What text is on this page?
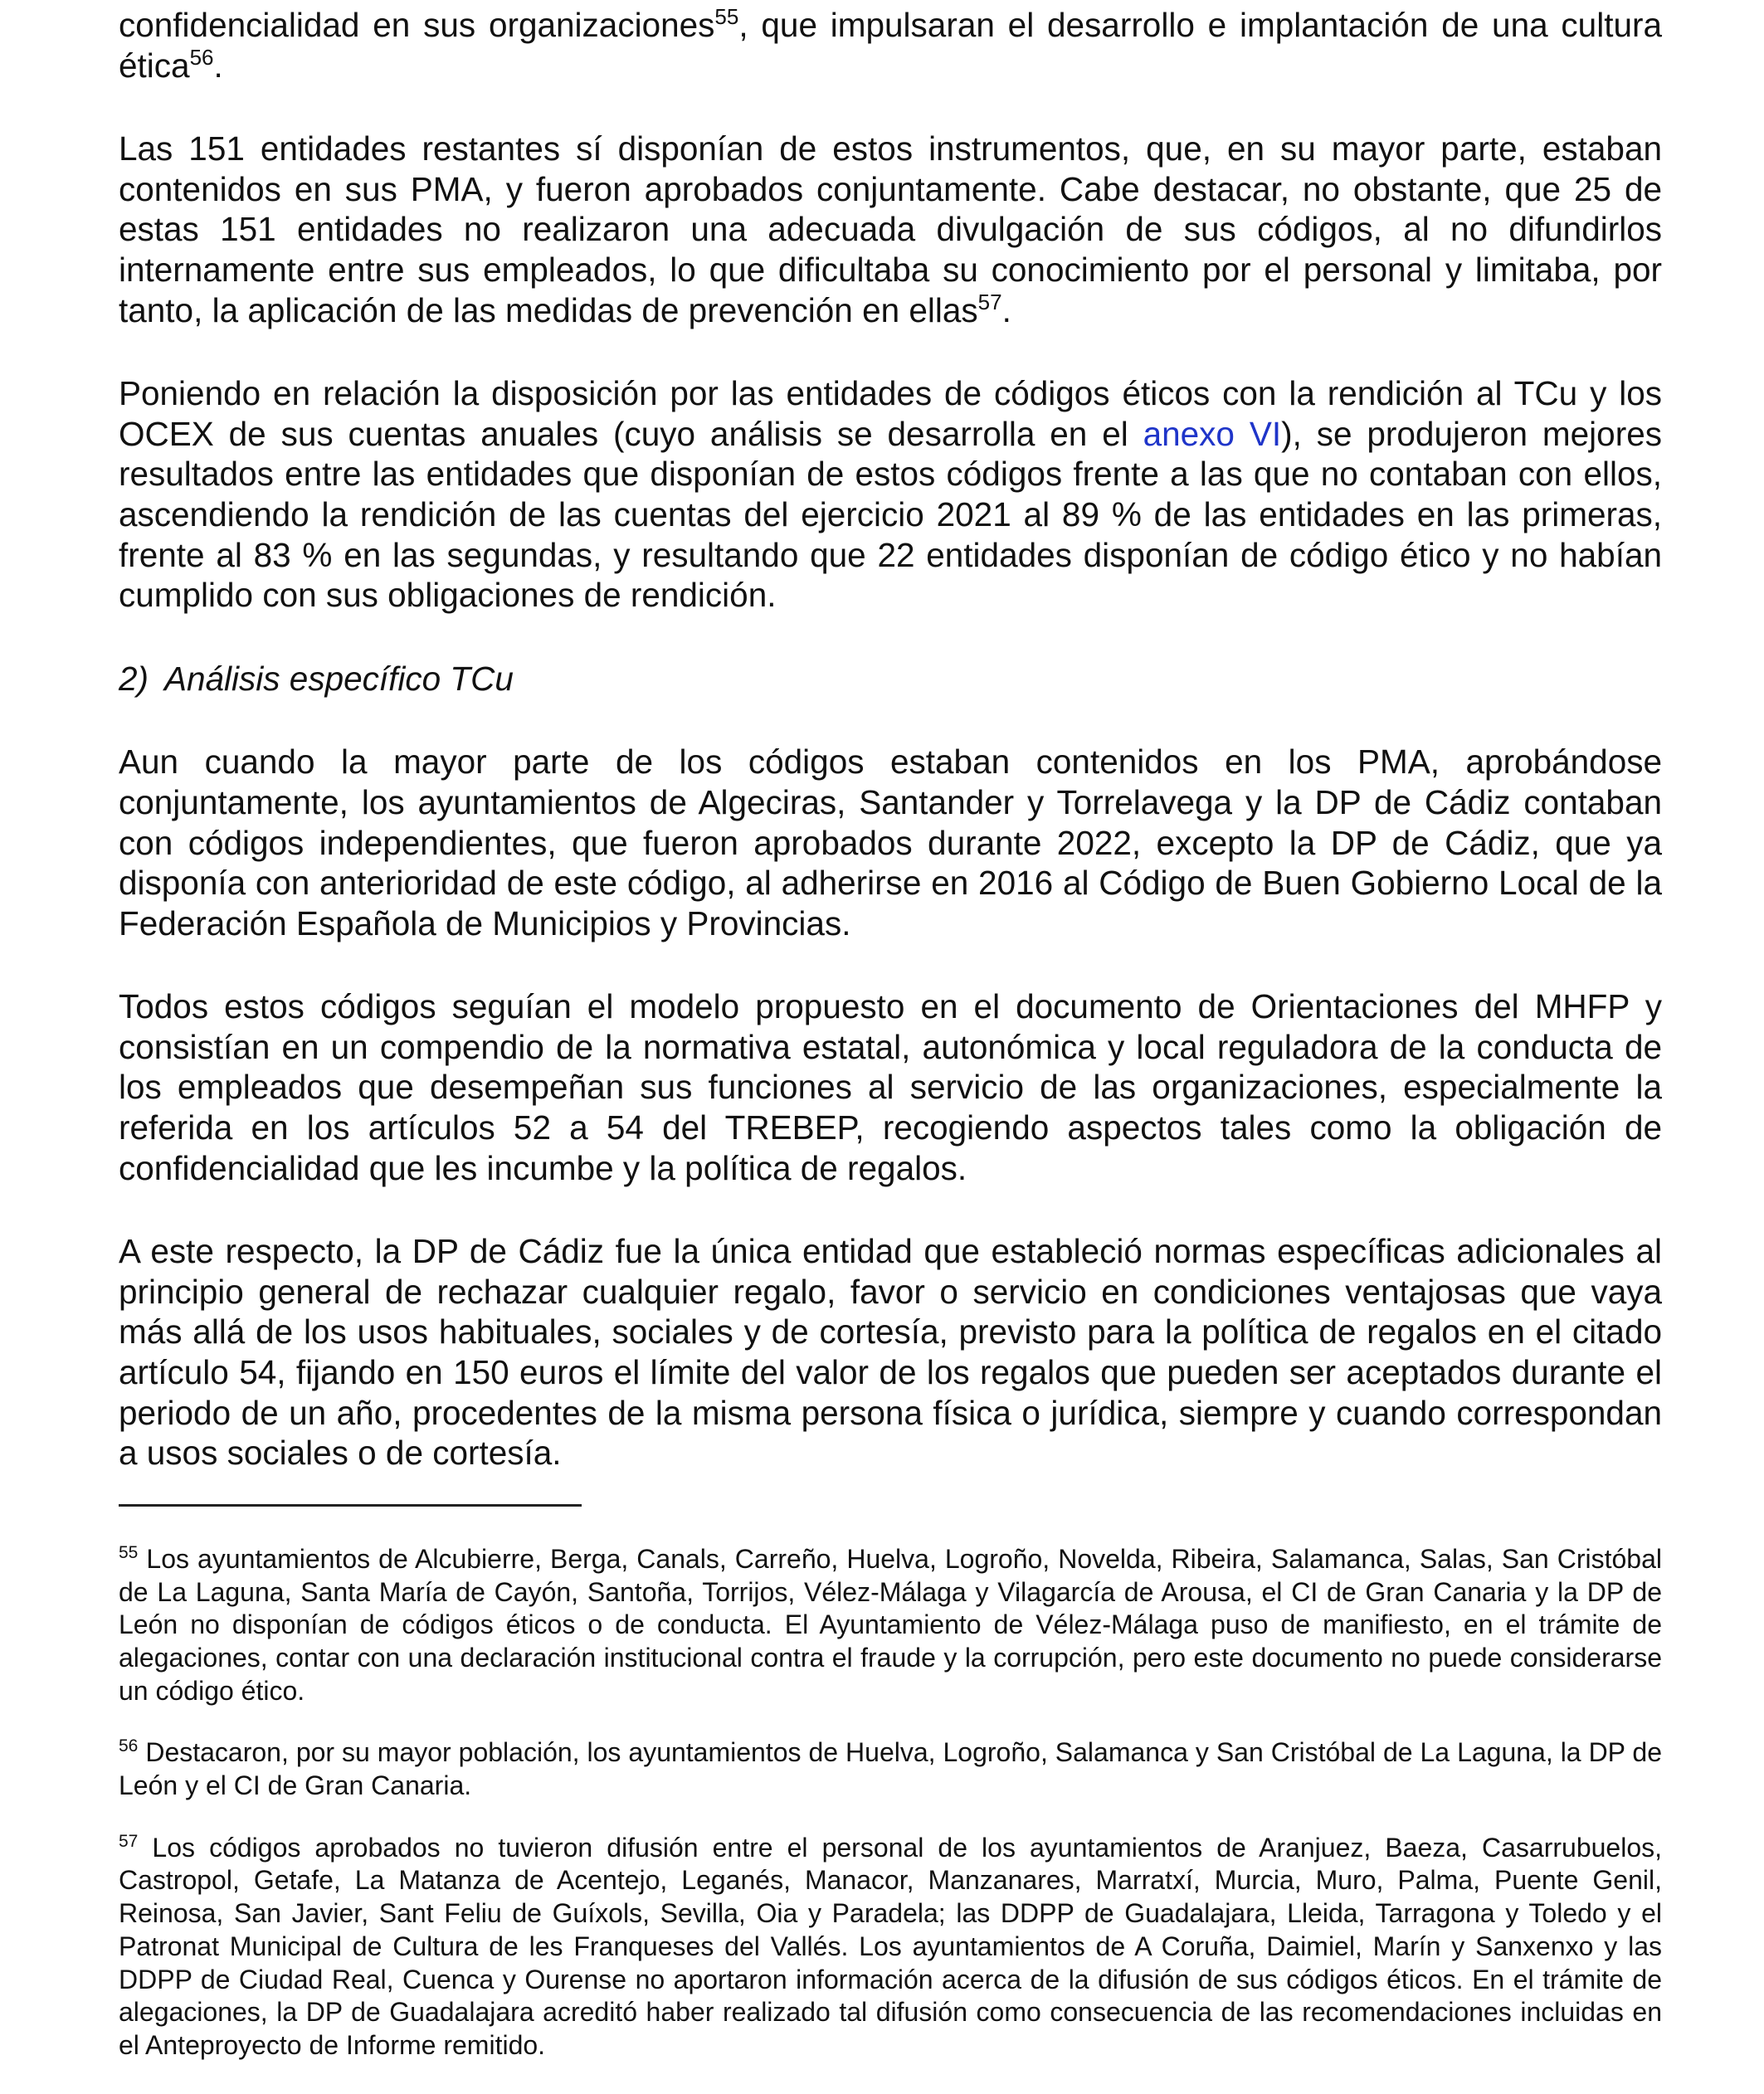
confidencialidad en sus organizaciones$^{55}$, que impulsaran el desarrollo e implantación de una cultura ética$^{56}$.

Las 151 entidades restantes sí disponían de estos instrumentos, que, en su mayor parte, estaban contenidos en sus PMA, y fueron aprobados conjuntamente. Cabe destacar, no obstante, que 25 de estas 151 entidades no realizaron una adecuada divulgación de sus códigos, al no difundirlos internamente entre sus empleados, lo que dificultaba su conocimiento por el personal y limitaba, por tanto, la aplicación de las medidas de prevención en ellas$^{57}$.

Poniendo en relación la disposición por las entidades de códigos éticos con la rendición al TCu y los OCEX de sus cuentas anuales (cuyo análisis se desarrolla en el anexo VI), se produjeron mejores resultados entre las entidades que disponían de estos códigos frente a las que no contaban con ellos, ascendiendo la rendición de las cuentas del ejercicio 2021 al 89 % de las entidades en las primeras, frente al 83 % en las segundas, y resultando que 22 entidades disponían de código ético y no habían cumplido con sus obligaciones de rendición.

2) Análisis específico TCu

Aun cuando la mayor parte de los códigos estaban contenidos en los PMA, aprobándose conjuntamente, los ayuntamientos de Algeciras, Santander y Torrelavega y la DP de Cádiz contaban con códigos independientes, que fueron aprobados durante 2022, excepto la DP de Cádiz, que ya disponía con anterioridad de este código, al adherirse en 2016 al Código de Buen Gobierno Local de la Federación Española de Municipios y Provincias.

Todos estos códigos seguían el modelo propuesto en el documento de Orientaciones del MHFP y consistían en un compendio de la normativa estatal, autonómica y local reguladora de la conducta de los empleados que desempeñan sus funciones al servicio de las organizaciones, especialmente la referida en los artículos 52 a 54 del TREBEP, recogiendo aspectos tales como la obligación de confidencialidad que les incumbe y la política de regalos.

A este respecto, la DP de Cádiz fue la única entidad que estableció normas específicas adicionales al principio general de rechazar cualquier regalo, favor o servicio en condiciones ventajosas que vaya más allá de los usos habituales, sociales y de cortesía, previsto para la política de regalos en el citado artículo 54, fijando en 150 euros el límite del valor de los regalos que pueden ser aceptados durante el periodo de un año, procedentes de la misma persona física o jurídica, siempre y cuando correspondan a usos sociales o de cortesía.

$^{55}$ Los ayuntamientos de Alcubierre, Berga, Canals, Carreño, Huelva, Logroño, Novelda, Ribeira, Salamanca, Salas, San Cristóbal de La Laguna, Santa María de Cayón, Santoña, Torrijos, Vélez-Málaga y Vilagarcía de Arousa, el CI de Gran Canaria y la DP de León no disponían de códigos éticos o de conducta. El Ayuntamiento de Vélez-Málaga puso de manifiesto, en el trámite de alegaciones, contar con una declaración institucional contra el fraude y la corrupción, pero este documento no puede considerarse un código ético.

$^{56}$ Destacaron, por su mayor población, los ayuntamientos de Huelva, Logroño, Salamanca y San Cristóbal de La Laguna, la DP de León y el CI de Gran Canaria.

$^{57}$ Los códigos aprobados no tuvieron difusión entre el personal de los ayuntamientos de Aranjuez, Baeza, Casarrubuelos, Castropol, Getafe, La Matanza de Acentejo, Leganés, Manacor, Manzanares, Marratxí, Murcia, Muro, Palma, Puente Genil, Reinosa, San Javier, Sant Feliu de Guíxols, Sevilla, Oia y Paradela; las DDPP de Guadalajara, Lleida, Tarragona y Toledo y el Patronat Municipal de Cultura de les Franqueses del Vallés. Los ayuntamientos de A Coruña, Daimiel, Marín y Sanxenxo y las DDPP de Ciudad Real, Cuenca y Ourense no aportaron información acerca de la difusión de sus códigos éticos. En el trámite de alegaciones, la DP de Guadalajara acreditó haber realizado tal difusión como consecuencia de las recomendaciones incluidas en el Anteproyecto de Informe remitido.
